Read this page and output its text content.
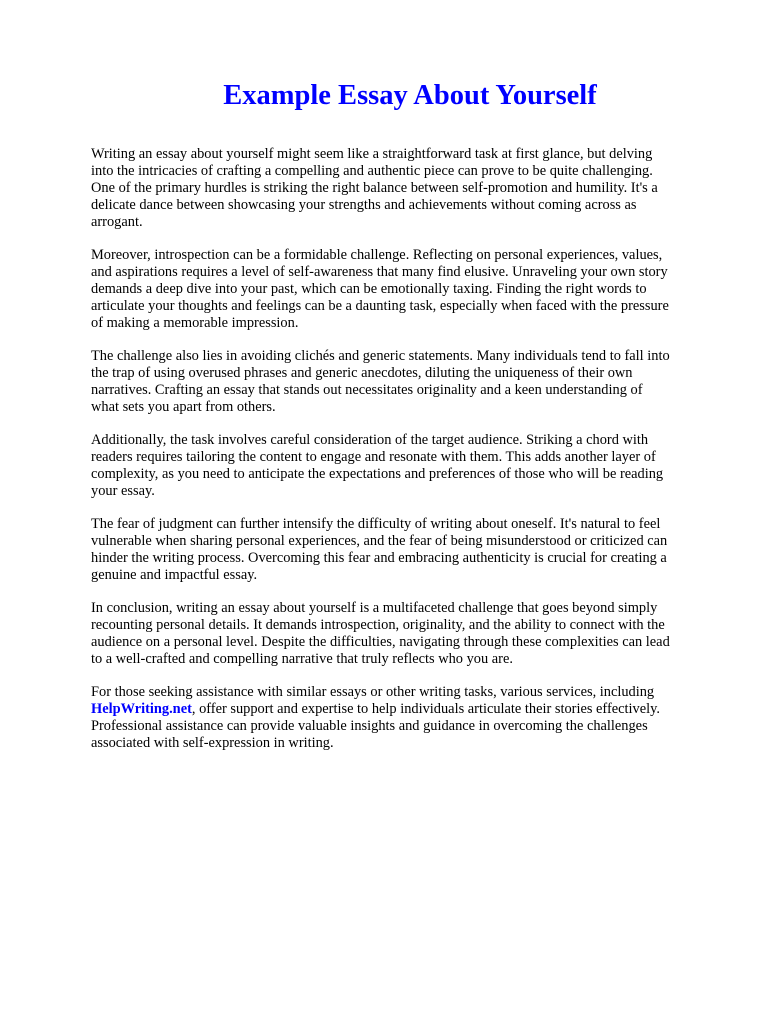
Example Essay About Yourself

Writing an essay about yourself might seem like a straightforward task at first glance, but delving
into the intricacies of crafting a compelling and authentic piece can prove to be quite challenging.
One of the primary hurdles is striking the right balance between self-promotion and humility. It's a
delicate dance between showcasing your strengths and achievements without coming across as
arrogant.

Moreover, introspection can be a formidable challenge. Reflecting on personal experiences, values,
and aspirations requires a level of self-awareness that many find elusive. Unraveling your own story
demands a deep dive into your past, which can be emotionally taxing. Finding the right words to
articulate your thoughts and feelings can be a daunting task, especially when faced with the pressure
of making a memorable impression.

The challenge also lies in avoiding clichés and generic statements. Many individuals tend to fall into
the trap of using overused phrases and generic anecdotes, diluting the uniqueness of their own
narratives. Crafting an essay that stands out necessitates originality and a keen understanding of
what sets you apart from others.

Additionally, the task involves careful consideration of the target audience. Striking a chord with
readers requires tailoring the content to engage and resonate with them. This adds another layer of
complexity, as you need to anticipate the expectations and preferences of those who will be reading
your essay.

The fear of judgment can further intensify the difficulty of writing about oneself. It's natural to feel
vulnerable when sharing personal experiences, and the fear of being misunderstood or criticized can
hinder the writing process. Overcoming this fear and embracing authenticity is crucial for creating a
genuine and impactful essay.

In conclusion, writing an essay about yourself is a multifaceted challenge that goes beyond simply
recounting personal details. It demands introspection, originality, and the ability to connect with the
audience on a personal level. Despite the difficulties, navigating through these complexities can lead
to a well-crafted and compelling narrative that truly reflects who you are.

For those seeking assistance with similar essays or other writing tasks, various services, including
HelpWriting.net, offer support and expertise to help individuals articulate their stories effectively.
Professional assistance can provide valuable insights and guidance in overcoming the challenges
associated with self-expression in writing.
